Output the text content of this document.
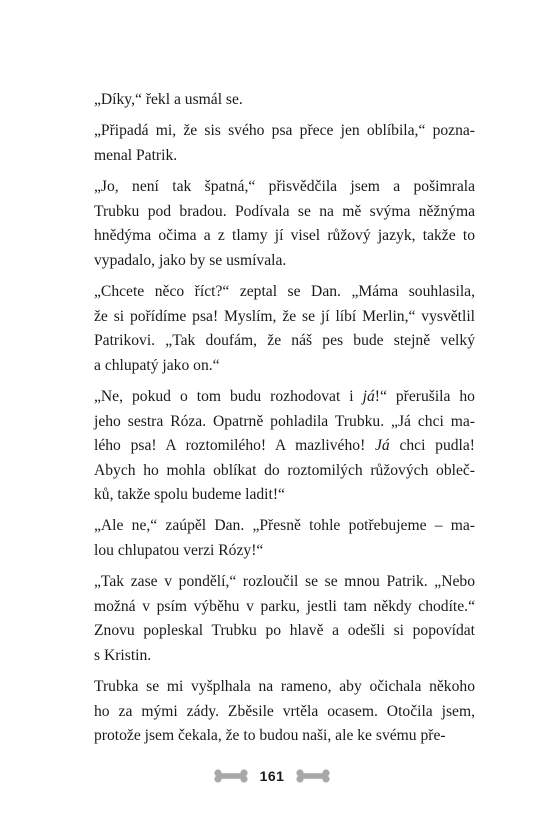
„Díky,“ řekl a usmál se.

„Připadá mi, že sis svého psa přece jen oblíbila,“ pozna-
menal Patrik.

„Jo, není tak špatná,“ přisvědčila jsem a pošimrala
Trubku pod bradou. Podívala se na mě svýma něžnýma
hnědýma očima a z tlamy jí visel růžový jazyk, takže to
vypadalo, jako by se usmívala.

„Chcete něco říct?“ zeptal se Dan. „Máma souhlasila,
že si pořídíme psa! Myslím, že se jí líbí Merlin,“ vysvětlil
Patrikovi. „Tak doufám, že náš pes bude stejně velký
a chlupatý jako on.“

„Ne, pokud o tom budu rozhodovat i já!“ přerušila ho
jeho sestra Róza. Opatrně pohladila Trubku. „Já chci ma-
lého psa! A roztomilého! A mazlivého! Já chci pudla!
Abych ho mohla oblíkat do roztomilých růžových obleč-
ků, takže spolu budeme ladit!“

„Ale ne,“ zaúpěl Dan. „Přesně tohle potřebujeme – ma-
lou chlupatou verzi Rózy!“

„Tak zase v pondělí,“ rozloučil se se mnou Patrik. „Nebo
možná v psím výběhu v parku, jestli tam někdy chodíte.“
Znovu popleskal Trubku po hlavě a odešli si popovídat
s Kristin.

Trubka se mi vyšplhala na rameno, aby očichala někoho
ho za mými zády. Zběsile vrtěla ocasem. Otočila jsem,
protože jsem čekala, že to budou naši, ale ke svému pře-

161
